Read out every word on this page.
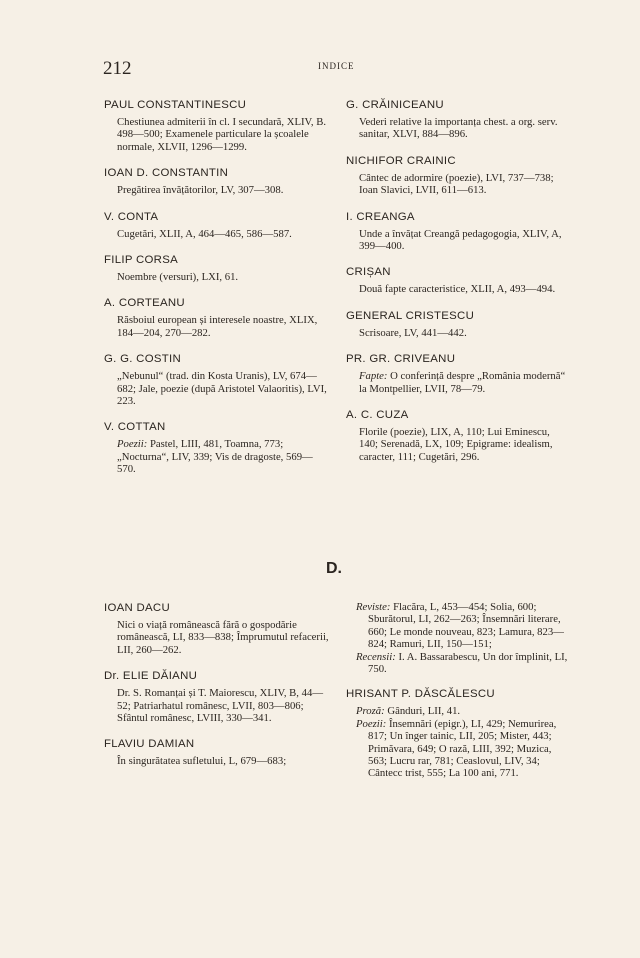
212	INDICE
PAUL CONSTANTINESCU
Chestiunea admiterii în cl. I secundară, XLIV, B. 498—500; Examenele particulare la școalele normale, XLVII, 1296—1299.
IOAN D. CONSTANTIN
Pregătirea învățătorilor, LV, 307—308.
V. CONTA
Cugetări, XLII, A, 464—465, 586—587.
FILIP CORSA
Noembre (versuri), LXI, 61.
A. CORTEANU
Răsboiul european și interesele noastre, XLIX, 184—204, 270—282.
G. G. COSTIN
„Nebunul“ (trad. din Kosta Uranis), LV, 674—682; Jale, poezie (după Aristotel Valaoritis), LVI, 223.
V. COTTAN
Poezii: Pastel, LIII, 481, Toamna, 773; „Nocturna“, LIV, 339; Vis de dragoste, 569—570.
G. CRĂINICEANU
Vederi relative la importanța chest. a org. serv. sanitar, XLVI, 884—896.
NICHIFOR CRAINIC
Cântec de adormire (poezie), LVI, 737—738; Ioan Slavici, LVII, 611—613.
I. CREANGA
Unde a învățat Creangă pedagogogia, XLIV, A, 399—400.
CRIȘAN
Două fapte caracteristice, XLII, A, 493—494.
GENERAL CRISTESCU
Scrisoare, LV, 441—442.
PR. GR. CRIVEANU
Fapte: O conferință despre „România modernă“ la Montpellier, LVII, 78—79.
A. C. CUZA
Florile (poezie), LIX, A, 110; Lui Eminescu, 140; Serenadă, LX, 109; Epigrame: idealism, caracter, 111; Cugetări, 296.
D.
IOAN DACU
Nici o viață românească fără o gospodărie românească, LI, 833—838; Împrumutul refacerii, LII, 260—262.
Dr. ELIE DĂIANU
Dr. S. Romanțai și T. Maiorescu, XLIV, B, 44—52; Patriarhatul românesc, LVII, 803—806; Sfântul românesc, LVIII, 330—341.
FLAVIU DAMIAN
În singurătatea sufletului, L, 679—683;
Reviste: Flacăra, L, 453—454; Solia, 600; Sburătorul, LI, 262—263; Însemnări literare, 660; Le monde nouveau, 823; Lamura, 823—824; Ramuri, LII, 150—151;
Recensii: I. A. Bassarabescu, Un dor împlinit, LI, 750.
HRISANT P. DĂSCĂLESCU
Proză: Gânduri, LII, 41.
Poezii: Însemnări (epigr.), LI, 429; Nemurirea, 817; Un înger tainic, LII, 205; Mister, 443; Primăvara, 649; O rază, LIII, 392; Muzica, 563; Lucru rar, 781; Ceaslovul, LIV, 34; Cântecc trist, 555; La 100 ani, 771.
